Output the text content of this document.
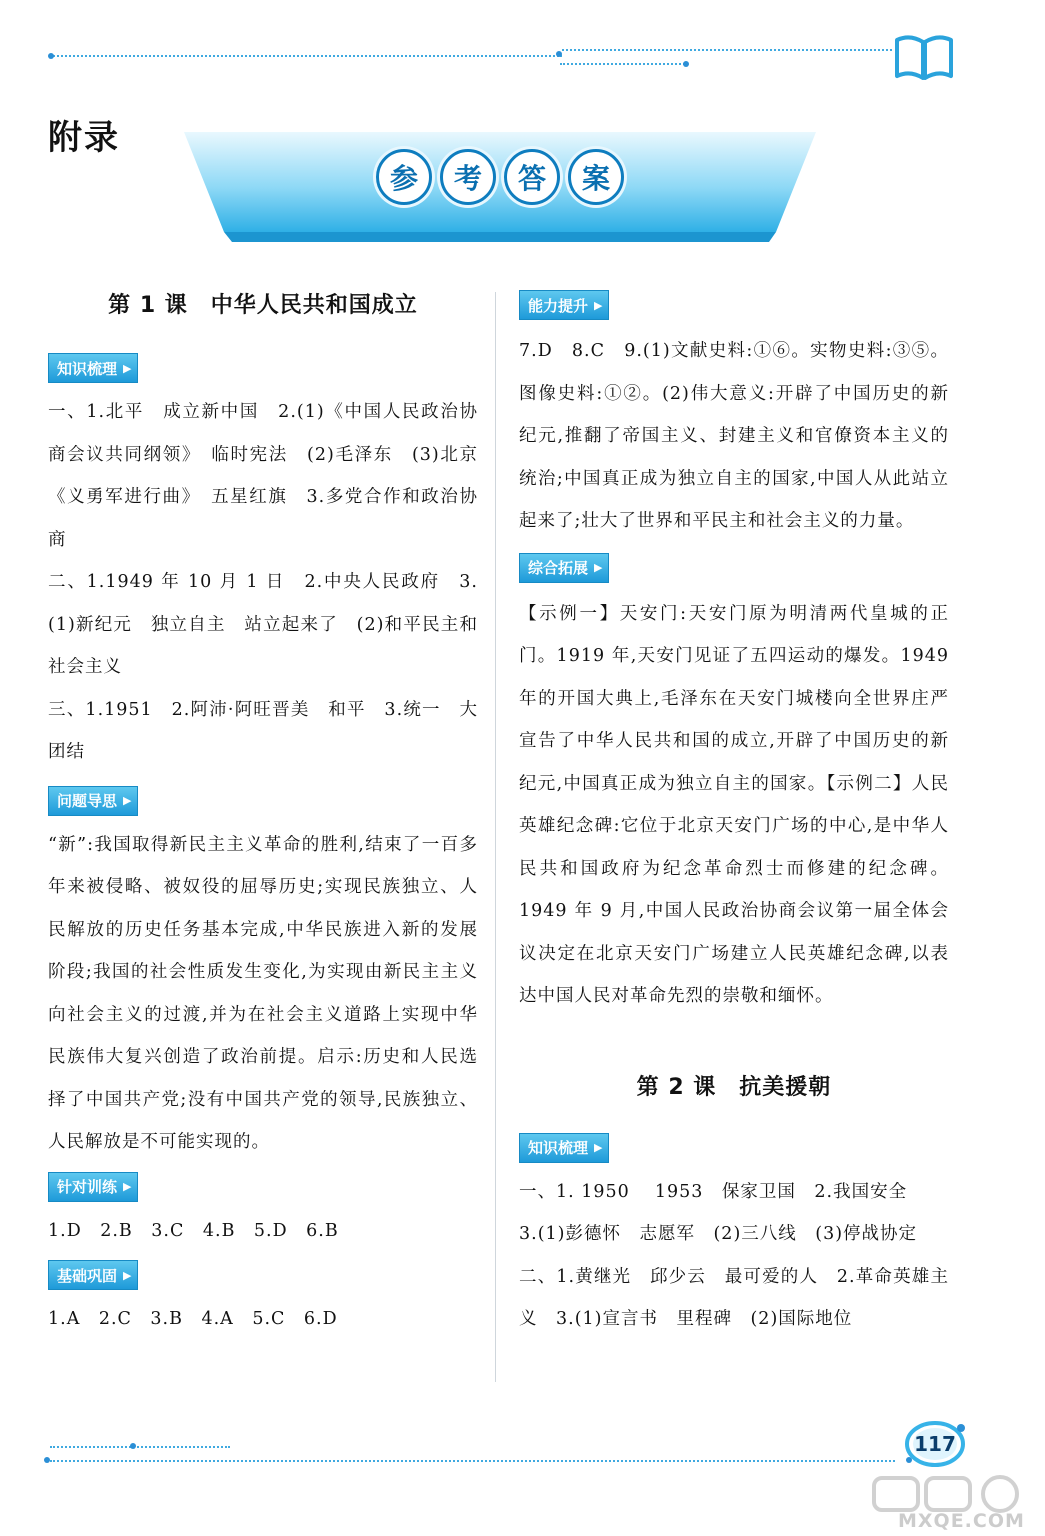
附录
参	考	答	案
第 1 课　中华人民共和国成立
知识梳理 ▶

一、1.北平　成立新中国　2.(1)《中国人民政治协商会议共同纲领》　临时宪法　(2)毛泽东　(3)北京　《义勇军进行曲》　五星红旗　3.多党合作和政治协商

二、1.1949 年 10 月 1 日　2.中央人民政府　3.(1)新纪元　独立自主　站立起来了　(2)和平民主和社会主义

三、1.1951　2.阿沛·阿旺晋美　和平　3.统一　大团结

问题导思 ▶

“新”:我国取得新民主主义革命的胜利,结束了一百多年来被侵略、被奴役的屈辱历史;实现民族独立、人民解放的历史任务基本完成,中华民族进入新的发展阶段;我国的社会性质发生变化,为实现由新民主主义向社会主义的过渡,并为在社会主义道路上实现中华民族伟大复兴创造了政治前提。启示:历史和人民选择了中国共产党;没有中国共产党的领导,民族独立、人民解放是不可能实现的。

针对训练 ▶

1.D　2.B　3.C　4.B　5.D　6.B

基础巩固 ▶

1.A　2.C　3.B　4.A　5.C　6.D

能力提升 ▶

7.D　8.C　9.(1)文献史料:①⑥。实物史料:③⑤。图像史料:①②。(2)伟大意义:开辟了中国历史的新纪元,推翻了帝国主义、封建主义和官僚资本主义的统治;中国真正成为独立自主的国家,中国人从此站立起来了;壮大了世界和平民主和社会主义的力量。

综合拓展 ▶

【示例一】天安门:天安门原为明清两代皇城的正门。1919 年,天安门见证了五四运动的爆发。1949 年的开国大典上,毛泽东在天安门城楼向全世界庄严宣告了中华人民共和国的成立,开辟了中国历史的新纪元,中国真正成为独立自主的国家。【示例二】人民英雄纪念碑:它位于北京天安门广场的中心,是中华人民共和国政府为纪念革命烈士而修建的纪念碑。1949 年 9 月,中国人民政治协商会议第一届全体会议决定在北京天安门广场建立人民英雄纪念碑,以表达中国人民对革命先烈的崇敬和缅怀。

第 2 课　抗美援朝
知识梳理 ▶

一、1. 1950　 1953　保家卫国　2.我国安全

3.(1)彭德怀　志愿军　(2)三八线　(3)停战协定

二、1.黄继光　邱少云　最可爱的人　2.革命英雄主义　3.(1)宣言书　里程碑　(2)国际地位

117
MXQE.COM
